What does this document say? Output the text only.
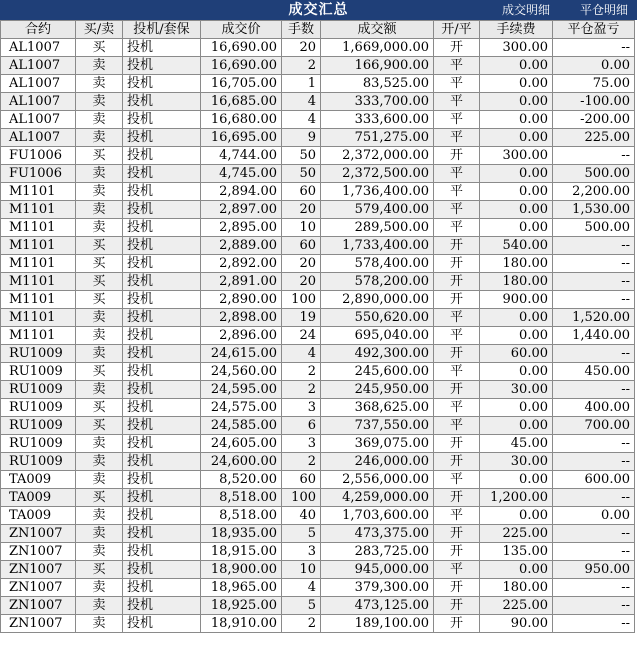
成交汇总	成交明细 平仓明细
合约	买/卖	投机/套保	成交价	手数	成交额	开/平	手续费	平仓盈亏
AL1007	买	投机	16,690.00	20	1,669,000.00	开	300.00	--
AL1007	卖	投机	16,690.00	2	166,900.00	平	0.00	0.00
AL1007	卖	投机	16,705.00	1	83,525.00	平	0.00	75.00
AL1007	卖	投机	16,685.00	4	333,700.00	平	0.00	-100.00
AL1007	卖	投机	16,680.00	4	333,600.00	平	0.00	-200.00
AL1007	卖	投机	16,695.00	9	751,275.00	平	0.00	225.00
FU1006	买	投机	4,744.00	50	2,372,000.00	开	300.00	--
FU1006	卖	投机	4,745.00	50	2,372,500.00	平	0.00	500.00
M1101	卖	投机	2,894.00	60	1,736,400.00	平	0.00	2,200.00
M1101	卖	投机	2,897.00	20	579,400.00	平	0.00	1,530.00
M1101	卖	投机	2,895.00	10	289,500.00	平	0.00	500.00
M1101	买	投机	2,889.00	60	1,733,400.00	开	540.00	--
M1101	买	投机	2,892.00	20	578,400.00	开	180.00	--
M1101	买	投机	2,891.00	20	578,200.00	开	180.00	--
M1101	买	投机	2,890.00	100	2,890,000.00	开	900.00	--
M1101	卖	投机	2,898.00	19	550,620.00	平	0.00	1,520.00
M1101	卖	投机	2,896.00	24	695,040.00	平	0.00	1,440.00
RU1009	卖	投机	24,615.00	4	492,300.00	开	60.00	--
RU1009	买	投机	24,560.00	2	245,600.00	平	0.00	450.00
RU1009	卖	投机	24,595.00	2	245,950.00	开	30.00	--
RU1009	买	投机	24,575.00	3	368,625.00	平	0.00	400.00
RU1009	买	投机	24,585.00	6	737,550.00	平	0.00	700.00
RU1009	卖	投机	24,605.00	3	369,075.00	开	45.00	--
RU1009	卖	投机	24,600.00	2	246,000.00	开	30.00	--
TA009	卖	投机	8,520.00	60	2,556,000.00	平	0.00	600.00
TA009	买	投机	8,518.00	100	4,259,000.00	开	1,200.00	--
TA009	卖	投机	8,518.00	40	1,703,600.00	平	0.00	0.00
ZN1007	卖	投机	18,935.00	5	473,375.00	开	225.00	--
ZN1007	卖	投机	18,915.00	3	283,725.00	开	135.00	--
ZN1007	买	投机	18,900.00	10	945,000.00	平	0.00	950.00
ZN1007	卖	投机	18,965.00	4	379,300.00	开	180.00	--
ZN1007	卖	投机	18,925.00	5	473,125.00	开	225.00	--
ZN1007	卖	投机	18,910.00	2	189,100.00	开	90.00	--
